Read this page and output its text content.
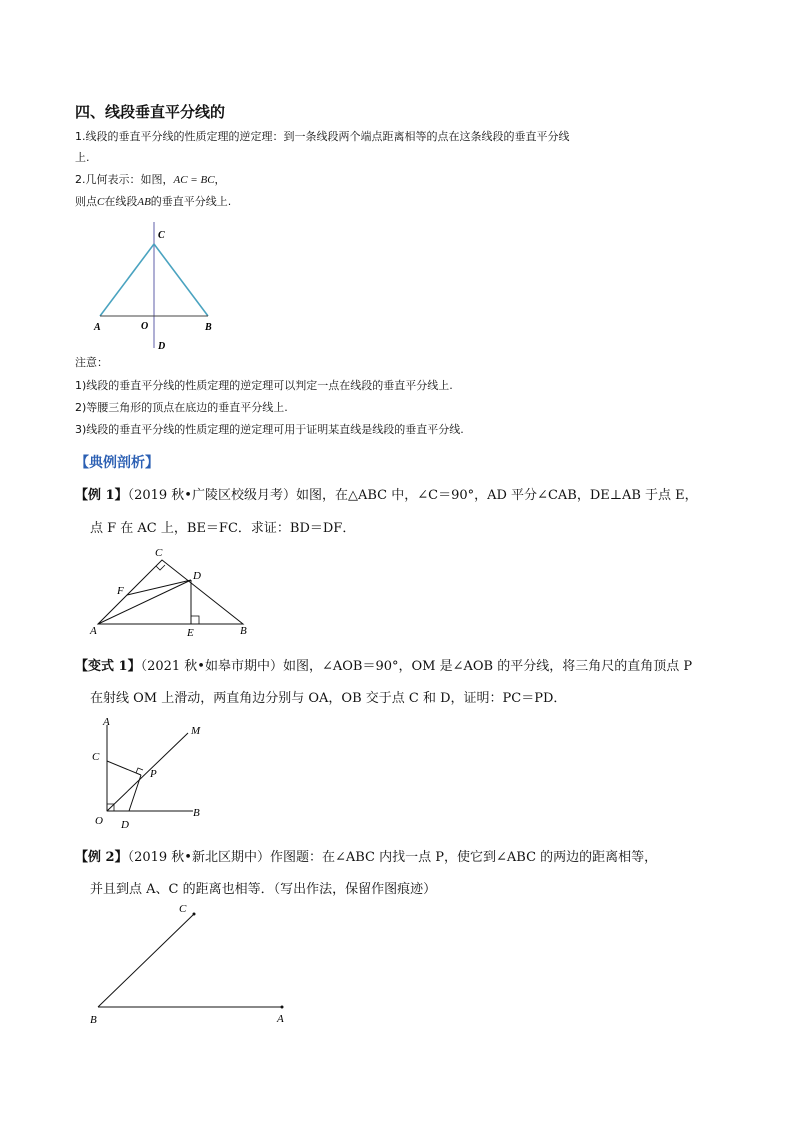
四、线段垂直平分线的
1.线段的垂直平分线的性质定理的逆定理：到一条线段两个端点距离相等的点在这条线段的垂直平分线
上.
2.几何表示：如图，AC = BC，
则点C在线段AB的垂直平分线上.
C
A	O	B
D
注意：
1)线段的垂直平分线的性质定理的逆定理可以判定一点在线段的垂直平分线上.
2)等腰三角形的顶点在底边的垂直平分线上.
3)线段的垂直平分线的性质定理的逆定理可用于证明某直线是线段的垂直平分线.
【典例剖析】
【例 1】（2019 秋•广陵区校级月考）如图，在△ABC 中，∠C＝90°，AD 平分∠CAB，DE⊥AB 于点 E，
点 F 在 AC 上，BE＝FC．求证：BD＝DF．
C
F
D
A	E	B
【变式 1】（2021 秋•如皋市期中）如图，∠AOB＝90°，OM 是∠AOB 的平分线，将三角尺的直角顶点 P
在射线 OM 上滑动，两直角边分别与 OA，OB 交于点 C 和 D，证明：PC＝PD．
A
M
C
P
O D
B
【例 2】（2019 秋•新北区期中）作图题：在∠ABC 内找一点 P，使它到∠ABC 的两边的距离相等，
并且到点 A、C 的距离也相等．（写出作法，保留作图痕迹）
C
B	A
